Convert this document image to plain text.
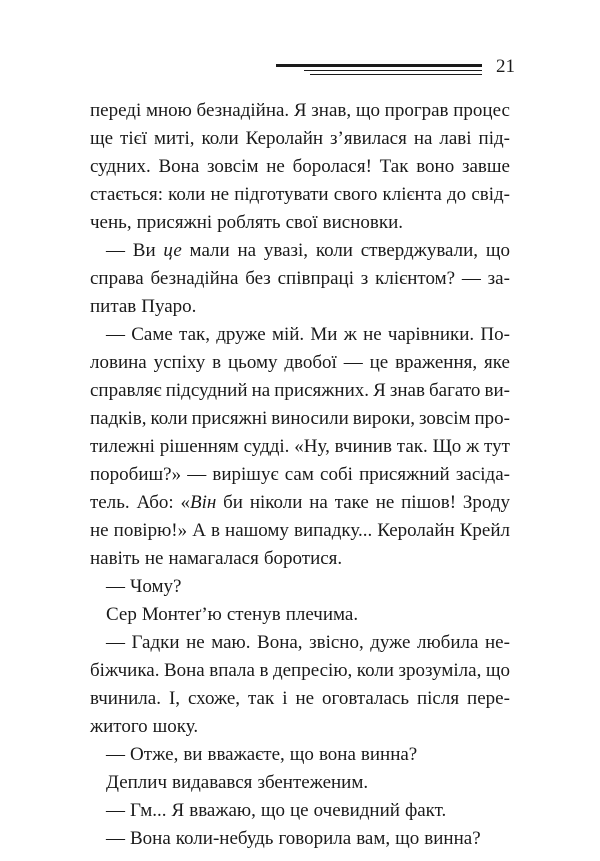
21
переді мною безнадійна. Я знав, що програв процес
ще тієї миті, коли Керолайн з’явилася на лаві під-
судних. Вона зовсім не боролася! Так воно завше
стається: коли не підготувати свого клієнта до свід-
чень, присяжні роблять свої висновки.
— Ви це мали на увазі, коли стверджували, що
справа безнадійна без співпраці з клієнтом? — за-
питав Пуаро.
— Саме так, друже мій. Ми ж не чарівники. По-
ловина успіху в цьому двобої — це враження, яке
справляє підсудний на присяжних. Я знав багато ви-
падків, коли присяжні виносили вироки, зовсім про-
тилежні рішенням судді. «Ну, вчинив так. Що ж тут
поробиш?» — вирішує сам собі присяжний засіда-
тель. Або: «Він би ніколи на таке не пішов! Зроду
не повірю!» А в нашому випадку... Керолайн Крейл
навіть не намагалася боротися.
— Чому?
Сер Монтеґ’ю стенув плечима.
— Гадки не маю. Вона, звісно, дуже любила не-
біжчика. Вона впала в депресію, коли зрозуміла, що
вчинила. І, схоже, так і не оговталась після пере-
житого шоку.
— Отже, ви вважаєте, що вона винна?
Деплич видавався збентеженим.
— Гм... Я вважаю, що це очевидний факт.
— Вона коли-небудь говорила вам, що винна?
